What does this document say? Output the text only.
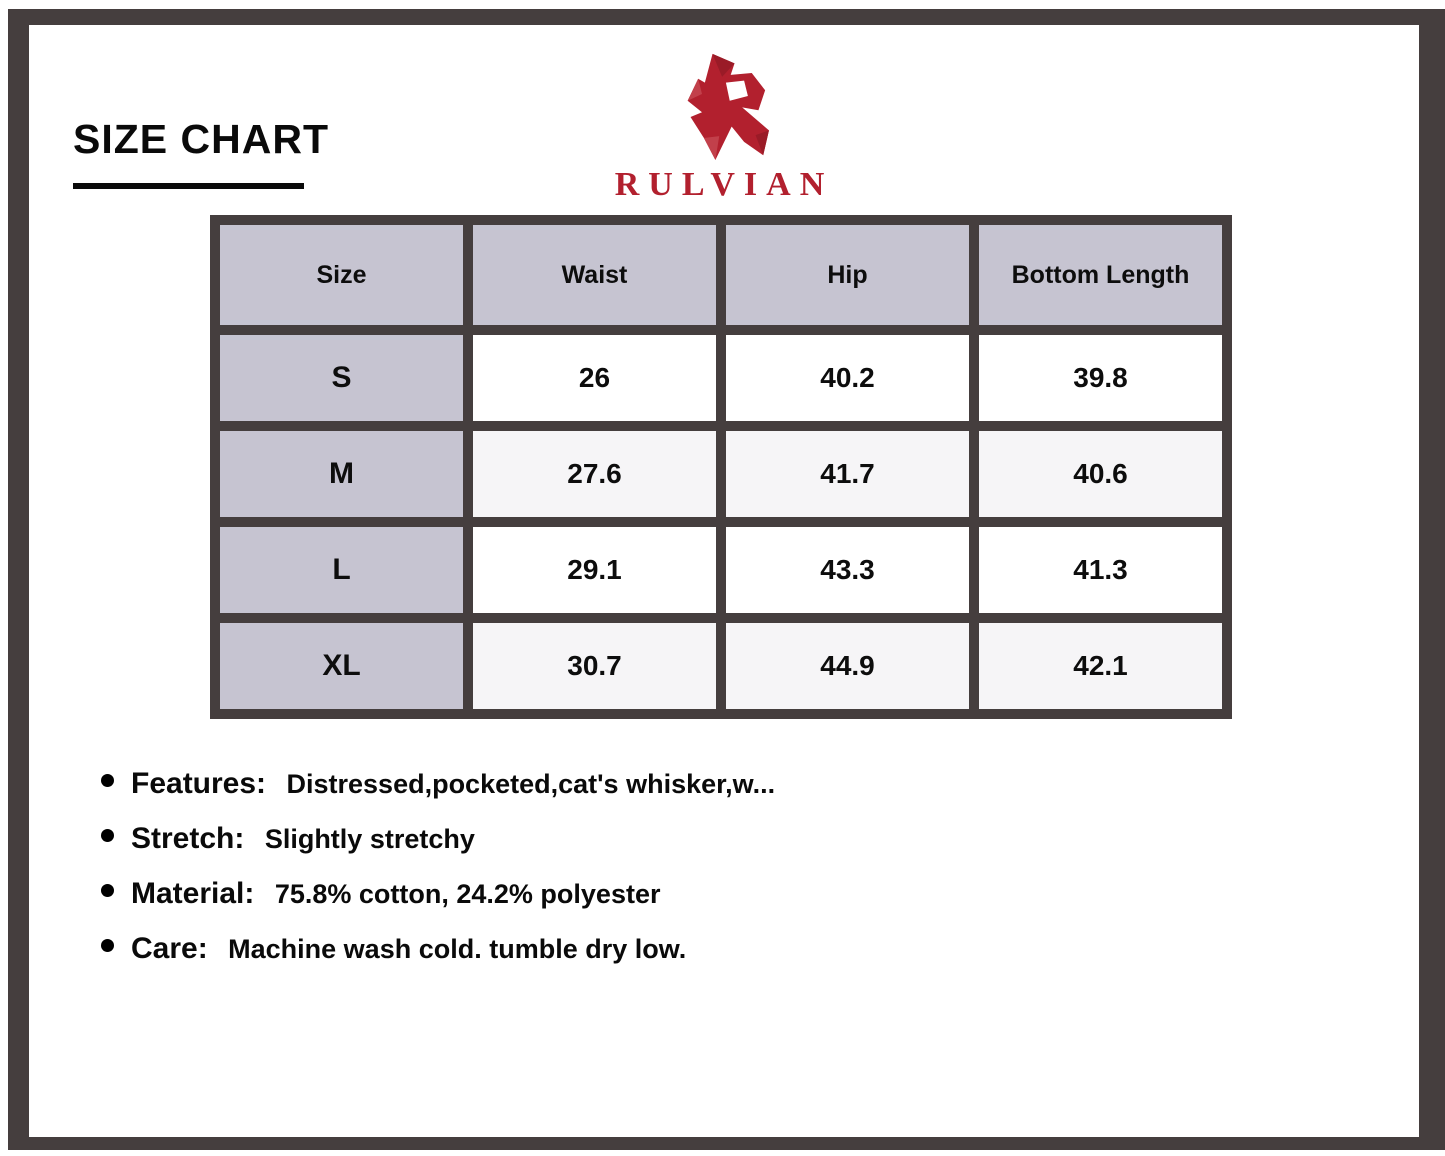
SIZE CHART
RULVIAN
Size	Waist	Hip	Bottom Length
S	26	40.2	39.8
M	27.6	41.7	40.6
L	29.1	43.3	41.3
XL	30.7	44.9	42.1
Features: Distressed,pocketed,cat's whisker,w...
Stretch: Slightly stretchy
Material: 75.8% cotton, 24.2% polyester
Care: Machine wash cold. tumble dry low.
